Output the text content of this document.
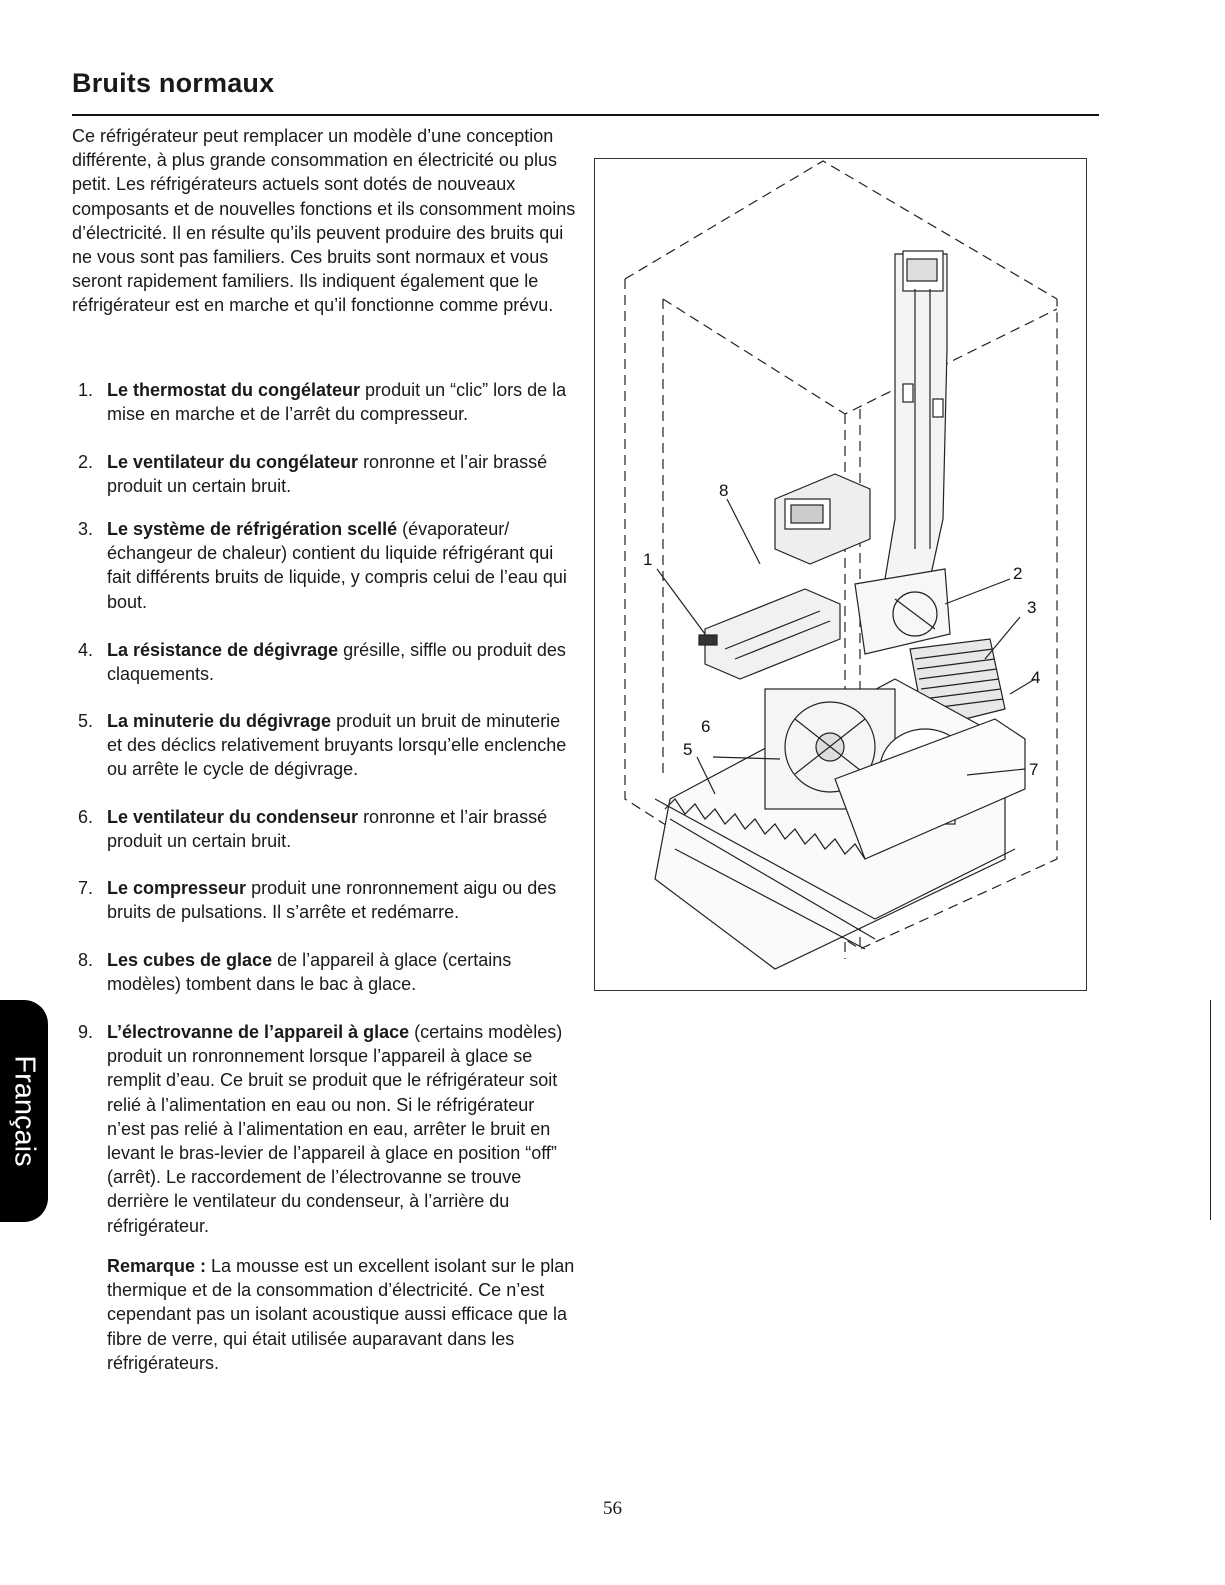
Bruits normaux

Ce réfrigérateur peut remplacer un modèle d’une conception différente, à plus grande consommation en électricité ou plus petit. Les réfrigérateurs actuels sont dotés de nouveaux composants et de nouvelles fonctions et ils consomment moins d’électricité. Il en résulte qu’ils peuvent produire des bruits qui ne vous sont pas familiers. Ces bruits sont normaux et vous seront rapidement familiers. Ils indiquent également que le réfrigérateur est en marche et qu’il fonctionne comme prévu.

1. Le thermostat du congélateur produit un “clic” lors de la mise en marche et de l’arrêt du compresseur.
2. Le ventilateur du congélateur ronronne et l’air brassé produit un certain bruit.
3. Le système de réfrigération scellé (évaporateur/ échangeur de chaleur) contient du liquide réfrigérant qui fait différents bruits de liquide, y compris celui de l’eau qui bout.
4. La résistance de dégivrage grésille, siffle ou produit des claquements.
5. La minuterie du dégivrage produit un bruit de minuterie et des déclics relativement bruyants lorsqu’elle enclenche ou arrête le cycle de dégivrage.
6. Le ventilateur du condenseur ronronne et l’air brassé produit un certain bruit.
7. Le compresseur produit une ronronnement aigu ou des bruits de pulsations. Il s’arrête et redémarre.
8. Les cubes de glace de l’appareil à glace (certains modèles) tombent dans le bac à glace.
9. L’électrovanne de l’appareil à glace (certains modèles) produit un ronronnement lorsque l’appareil à glace se remplit d’eau. Ce bruit se produit que le réfrigérateur soit relié à l’alimentation en eau ou non. Si le réfrigérateur n’est pas relié à l’alimentation en eau, arrêter le bruit en levant le bras-levier de l’appareil à glace en position “off” (arrêt). Le raccordement de l’électrovanne se trouve derrière le ventilateur du condenseur, à l’arrière du réfrigérateur.

Remarque : La mousse est un excellent isolant sur le plan thermique et de la consommation d’électricité. Ce n’est cependant pas un isolant acoustique aussi efficace que la fibre de verre, qui était utilisée auparavant dans les réfrigérateurs.

8
1
2
3
4
6
5
7
Français
56
